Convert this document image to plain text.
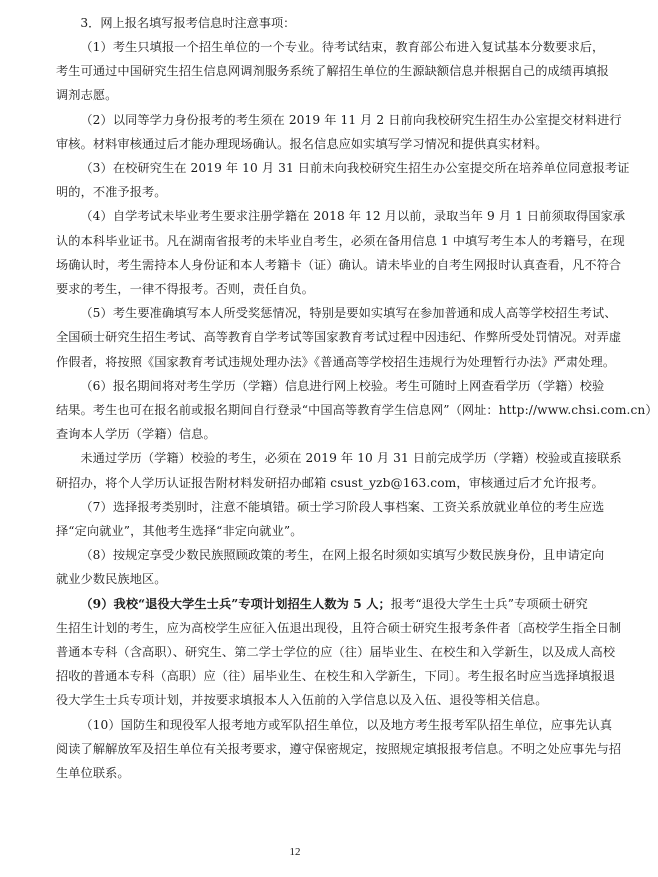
3．网上报名填写报考信息时注意事项：

（1）考生只填报一个招生单位的一个专业。待考试结束，教育部公布进入复试基本分数要求后，
考生可通过中国研究生招生信息网调剂服务系统了解招生单位的生源缺额信息并根据自己的成绩再填报
调剂志愿。

（2）以同等学力身份报考的考生须在 2019 年 11 月 2 日前向我校研究生招生办公室提交材料进行
审核。材料审核通过后才能办理现场确认。报名信息应如实填写学习情况和提供真实材料。

（3）在校研究生在 2019 年 10 月 31 日前未向我校研究生招生办公室提交所在培养单位同意报考证
明的，不准予报考。

（4）自学考试未毕业考生要求注册学籍在 2018 年 12 月以前，录取当年 9 月 1 日前须取得国家承
认的本科毕业证书。凡在湖南省报考的未毕业自考生，必须在备用信息 1 中填写考生本人的考籍号，在现
场确认时，考生需持本人身份证和本人考籍卡（证）确认。请未毕业的自考生网报时认真查看，凡不符合
要求的考生，一律不得报考。否则，责任自负。

（5）考生要准确填写本人所受奖惩情况，特别是要如实填写在参加普通和成人高等学校招生考试、
全国硕士研究生招生考试、高等教育自学考试等国家教育考试过程中因违纪、作弊所受处罚情况。对弄虚
作假者，将按照《国家教育考试违规处理办法》《普通高等学校招生违规行为处理暂行办法》严肃处理。

（6）报名期间将对考生学历（学籍）信息进行网上校验。考生可随时上网查看学历（学籍）校验
结果。考生也可在报名前或报名期间自行登录“中国高等教育学生信息网”（网址：http://www.chsi.com.cn）
查询本人学历（学籍）信息。

未通过学历（学籍）校验的考生，必须在 2019 年 10 月 31 日前完成学历（学籍）校验或直接联系
研招办，将个人学历认证报告附材料发研招办邮箱 csust_yzb@163.com，审核通过后才允许报考。

（7）选择报考类别时，注意不能填错。硕士学习阶段人事档案、工资关系放就业单位的考生应选
择“定向就业”，其他考生选择“非定向就业”。

（8）按规定享受少数民族照顾政策的考生，在网上报名时须如实填写少数民族身份，且申请定向
就业少数民族地区。

（9）我校“退役大学生士兵”专项计划招生人数为 5 人；报考“退役大学生士兵”专项硕士研究
生招生计划的考生，应为高校学生应征入伍退出现役，且符合硕士研究生报考条件者〔高校学生指全日制
普通本专科（含高职）、研究生、第二学士学位的应（往）届毕业生、在校生和入学新生，以及成人高校
招收的普通本专科（高职）应（往）届毕业生、在校生和入学新生，下同〕。考生报名时应当选择填报退
役大学生士兵专项计划，并按要求填报本人入伍前的入学信息以及入伍、退役等相关信息。

（10）国防生和现役军人报考地方或军队招生单位，以及地方考生报考军队招生单位，应事先认真
阅读了解解放军及招生单位有关报考要求，遵守保密规定，按照规定填报报考信息。不明之处应事先与招
生单位联系。

12
